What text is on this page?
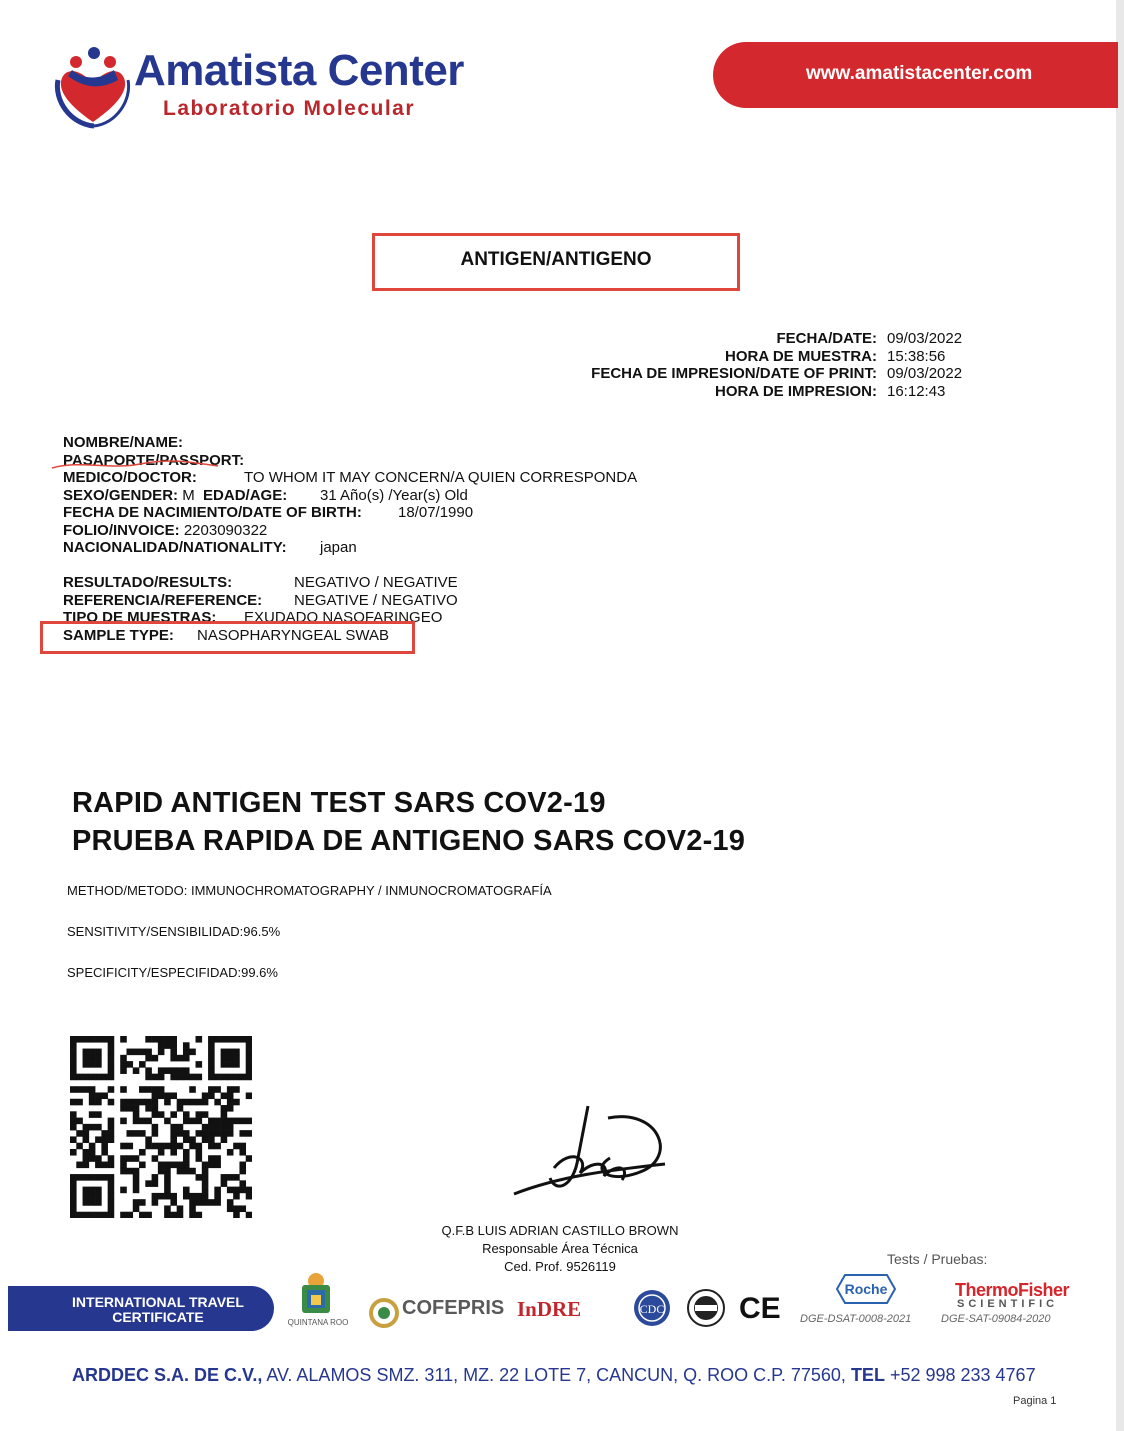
Amatista Center
Laboratorio Molecular
www.amatistacenter.com
ANTIGEN/ANTIGENO
FECHA/DATE: 09/03/2022
HORA DE MUESTRA: 15:38:56
FECHA DE IMPRESION/DATE OF PRINT: 09/03/2022
HORA DE IMPRESION: 16:12:43
NOMBRE/NAME:
PASAPORTE/PASSPORT:
MEDICO/DOCTOR:	TO WHOM IT MAY CONCERN/A QUIEN CORRESPONDA
SEXO/GENDER: M EDAD/AGE: 31 Año(s) /Year(s) Old
FECHA DE NACIMIENTO/DATE OF BIRTH: 18/07/1990
FOLIO/INVOICE: 2203090322
NACIONALIDAD/NATIONALITY: japan
RESULTADO/RESULTS:	NEGATIVO / NEGATIVE
REFERENCIA/REFERENCE: NEGATIVE / NEGATIVO
TIPO DE MUESTRAS: EXUDADO NASOFARINGEO
SAMPLE TYPE: NASOPHARYNGEAL SWAB
RAPID ANTIGEN TEST SARS COV2-19
PRUEBA RAPIDA DE ANTIGENO SARS COV2-19
METHOD/METODO: IMMUNOCHROMATOGRAPHY / INMUNOCROMATOGRAFÍA
SENSITIVITY/SENSIBILIDAD:96.5%
SPECIFICITY/ESPECIFIDAD:99.6%
Q.F.B LUIS ADRIAN CASTILLO BROWN
Responsable Área Técnica
Ced. Prof. 9526119	Tests / Pruebas:
Roche	ThermoFisher
SCIENTIFIC
DGE-DSAT-0008-2021	DGE-SAT-09084-2020
INTERNATIONAL TRAVEL
CERTIFICATE	QUINTANA ROO
COFEPRIS InDRE	CDC CE
ARDDEC S.A. DE C.V., AV. ALAMOS SMZ. 311, MZ. 22 LOTE 7, CANCUN, Q. ROO C.P. 77560, TEL +52 998 233 4767
Pagina 1
